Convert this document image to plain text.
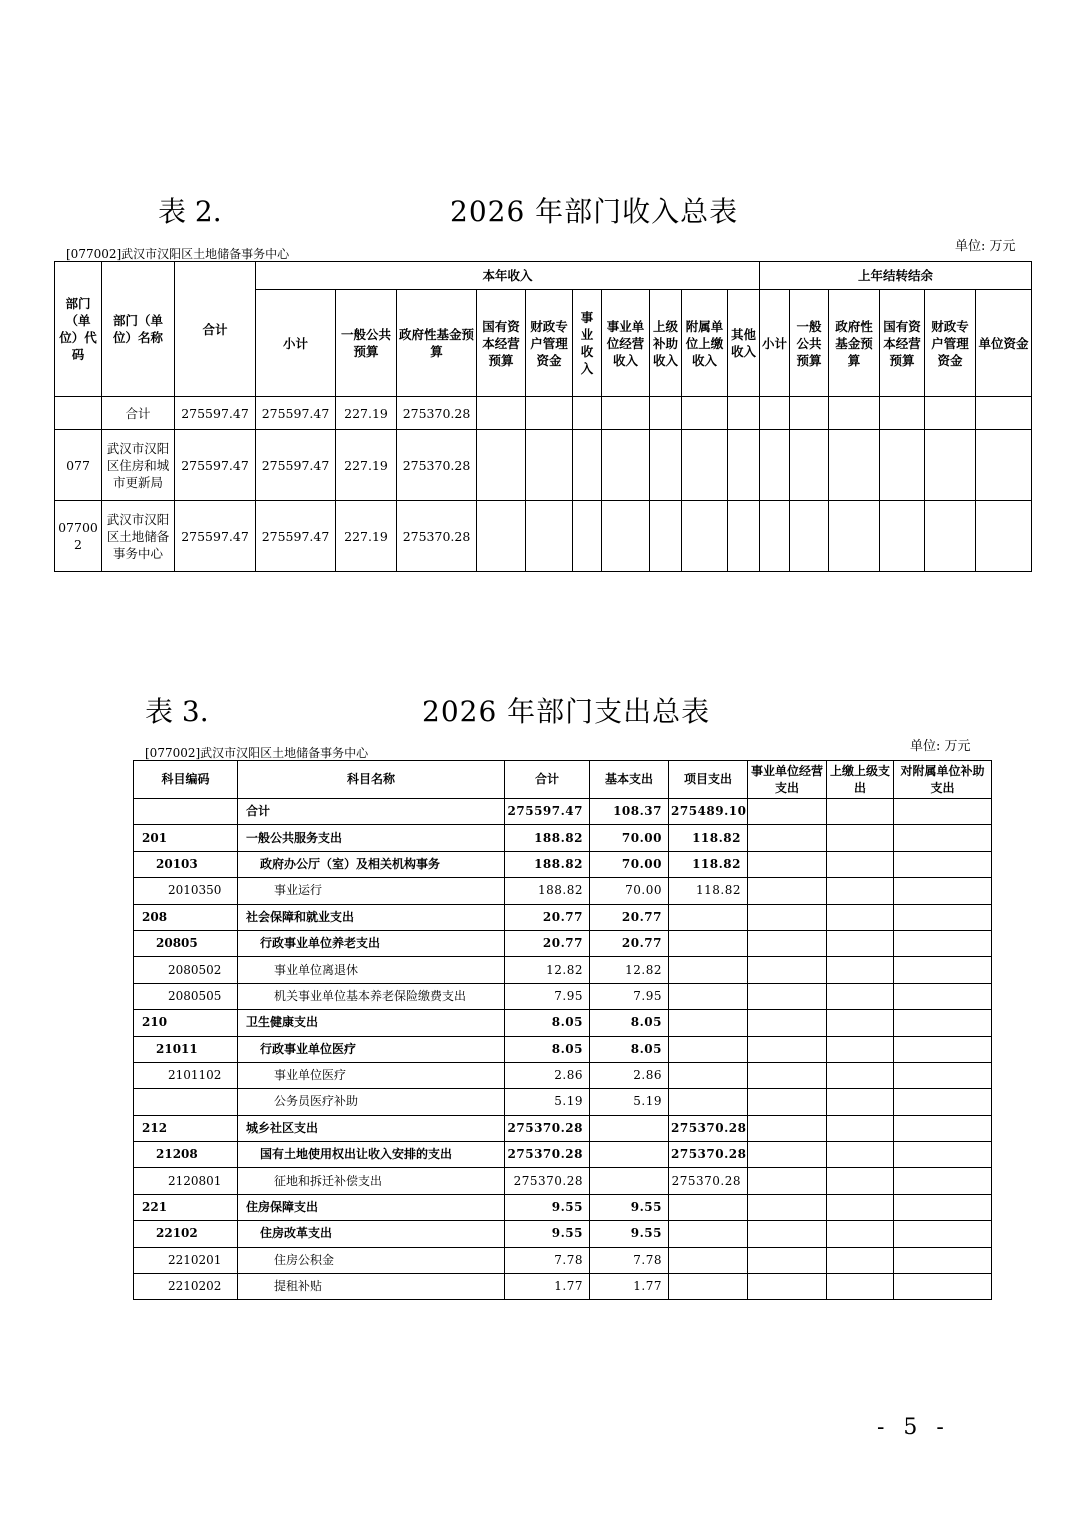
表 2.	2026 年部门收入总表
单位: 万元
[077002]武汉市汉阳区土地储备事务中心
部门（单位）代码	部门（单位）名称	合计	本年收入										上年结转结余					
			小计	一般公共预算	政府性基金预算	国有资本经营预算	财政专户管理资金	事业收入	事业单位经营收入	上级补助收入	附属单位上缴收入	其他收入	小计	一般公共预算	政府性基金预算	国有资本经营预算	财政专户管理资金	单位资金
	合计	275597.47	275597.47	227.19	275370.28													
077	武汉市汉阳区住房和城市更新局	275597.47	275597.47	227.19	275370.28													
077002	武汉市汉阳区土地储备事务中心	275597.47	275597.47	227.19	275370.28													
表 3.	2026 年部门支出总表
单位: 万元
[077002]武汉市汉阳区土地储备事务中心
科目编码	科目名称	合计	基本支出	项目支出	事业单位经营支出	上缴上级支出	对附属单位补助支出
	合计	275597.47	108.37	275489.10			
201	一般公共服务支出	188.82	70.00	118.82			
20103	政府办公厅（室）及相关机构事务	188.82	70.00	118.82			
2010350	事业运行	188.82	70.00	118.82			
208	社会保障和就业支出	20.77	20.77				
20805	行政事业单位养老支出	20.77	20.77				
2080502	事业单位离退休	12.82	12.82				
2080505	机关事业单位基本养老保险缴费支出	7.95	7.95				
210	卫生健康支出	8.05	8.05				
21011	行政事业单位医疗	8.05	8.05				
2101102	事业单位医疗	2.86	2.86				
	公务员医疗补助	5.19	5.19				
212	城乡社区支出	275370.28		275370.28			
21208	国有土地使用权出让收入安排的支出	275370.28		275370.28			
2120801	征地和拆迁补偿支出	275370.28		275370.28			
221	住房保障支出	9.55	9.55				
22102	住房改革支出	9.55	9.55				
2210201	住房公积金	7.78	7.78				
2210202	提租补贴	1.77	1.77				
- 5 -
